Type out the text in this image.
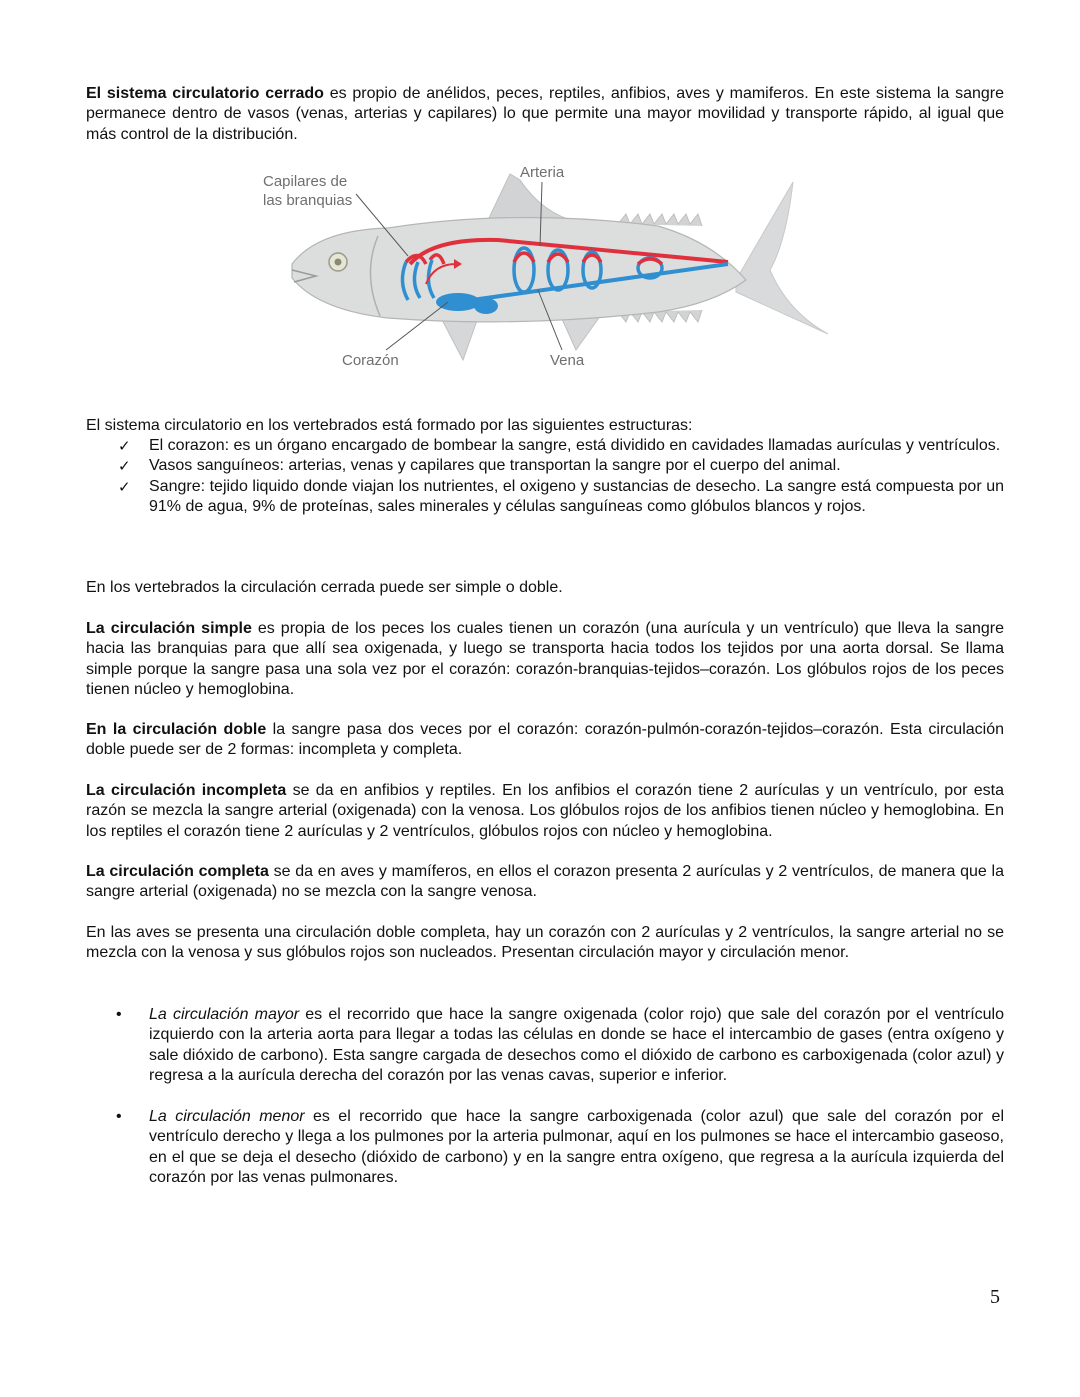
El sistema circulatorio cerrado es propio de anélidos, peces, reptiles, anfibios, aves y mamiferos. En este sistema la sangre permanece dentro de vasos (venas, arterias y capilares) lo que permite una mayor movilidad y transporte rápido, al igual que más control de la distribución.

Capilares de
las branquias
Arteria
Corazón	Vena

El sistema circulatorio en los vertebrados está formado por las siguientes estructuras:

✓ El corazon: es un órgano encargado de bombear la sangre, está dividido en cavidades llamadas aurículas y ventrículos.
✓ Vasos sanguíneos: arterias, venas y capilares que transportan la sangre por el cuerpo del animal.
✓ Sangre: tejido liquido donde viajan los nutrientes, el oxigeno y sustancias de desecho. La sangre está compuesta por un 91% de agua, 9% de proteínas, sales minerales y células sanguíneas como glóbulos blancos y rojos.

En los vertebrados la circulación cerrada puede ser simple o doble.

La circulación simple es propia de los peces los cuales tienen un corazón (una aurícula y un ventrículo) que lleva la sangre hacia las branquias para que allí sea oxigenada, y luego se transporta hacia todos los tejidos por una aorta dorsal. Se llama simple porque la sangre pasa una sola vez por el corazón: corazón-branquias-tejidos–corazón. Los glóbulos rojos de los peces tienen núcleo y hemoglobina.

En la circulación doble la sangre pasa dos veces por el corazón: corazón-pulmón-corazón-tejidos–corazón. Esta circulación doble puede ser de 2 formas: incompleta y completa.

La circulación incompleta se da en anfibios y reptiles. En los anfibios el corazón tiene 2 aurículas y un ventrículo, por esta razón se mezcla la sangre arterial (oxigenada) con la venosa. Los glóbulos rojos de los anfibios tienen núcleo y hemoglobina. En los reptiles el corazón tiene 2 aurículas y 2 ventrículos, glóbulos rojos con núcleo y hemoglobina.

La circulación completa se da en aves y mamíferos, en ellos el corazon presenta 2 aurículas y 2 ventrículos, de manera que la sangre arterial (oxigenada) no se mezcla con la sangre venosa.

En las aves se presenta una circulación doble completa, hay un corazón con 2 aurículas y 2 ventrículos, la sangre arterial no se mezcla con la venosa y sus glóbulos rojos son nucleados. Presentan circulación mayor y circulación menor.

• La circulación mayor es el recorrido que hace la sangre oxigenada (color rojo) que sale del corazón por el ventrículo izquierdo con la arteria aorta para llegar a todas las células en donde se hace el intercambio de gases (entra oxígeno y sale dióxido de carbono). Esta sangre cargada de desechos como el dióxido de carbono es carboxigenada (color azul) y regresa a la aurícula derecha del corazón por las venas cavas, superior e inferior.
• La circulación menor es el recorrido que hace la sangre carboxigenada (color azul) que sale del corazón por el ventrículo derecho y llega a los pulmones por la arteria pulmonar, aquí en los pulmones se hace el intercambio gaseoso, en el que se deja el desecho (dióxido de carbono) y en la sangre entra oxígeno, que regresa a la aurícula izquierda del corazón por las venas pulmonares.
5
